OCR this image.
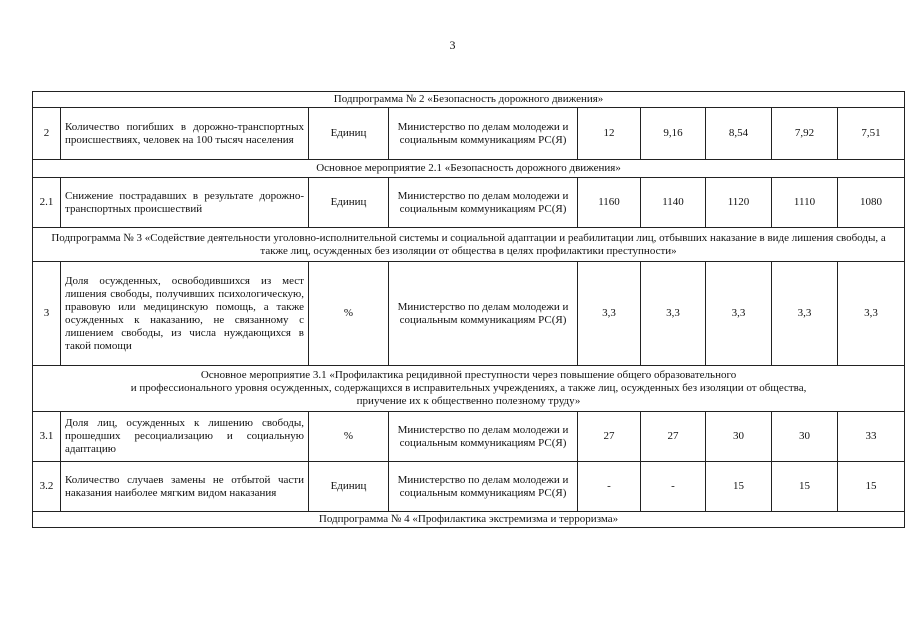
3
Подпрограмма № 2 «Безопасность дорожного движения»								
2	Количество погибших в дорожно-транспортных происшествиях, человек на 100 тысяч населения	Единиц	Министерство по делам молодежи и социальным коммуникациям РС(Я)	12	9,16	8,54	7,92	7,51
Основное мероприятие 2.1 «Безопасность дорожного движения»								
2.1	Снижение пострадавших в результате дорожно-транспортных происшествий	Единиц	Министерство по делам молодежи и социальным коммуникациям РС(Я)	1160	1140	1120	1110	1080
Подпрограмма № 3 «Содействие деятельности уголовно-исполнительной системы и социальной адаптации и реабилитации лиц, отбывших наказание в виде лишения свободы, а также лиц, осужденных без изоляции от общества в целях профилактики преступности»								
3	Доля осужденных, освободившихся из мест лишения свободы, получивших психологическую, правовую или медицинскую помощь, а также осужденных к наказанию, не связанному с лишением свободы, из числа нуждающихся в такой помощи	%	Министерство по делам молодежи и социальным коммуникациям РС(Я)	3,3	3,3	3,3	3,3	3,3

Основное мероприятие 3.1 «Профилактика рецидивной преступности через повышение общего образовательного
и профессионального уровня осужденных, содержащихся в исправительных учреждениях, а также лиц, осужденных без изоляции от общества,
приучение их к общественно полезному труду»								

3.1	Доля лиц, осужденных к лишению свободы, прошедших ресоциализацию и социальную адаптацию	%	Министерство по делам молодежи и социальным коммуникациям РС(Я)	27	27	30	30	33
3.2	Количество случаев замены не отбытой части наказания наиболее мягким видом наказания	Единиц	Министерство по делам молодежи и социальным коммуникациям РС(Я)	-	-	15	15	15
Подпрограмма № 4 «Профилактика экстремизма и терроризма»								
